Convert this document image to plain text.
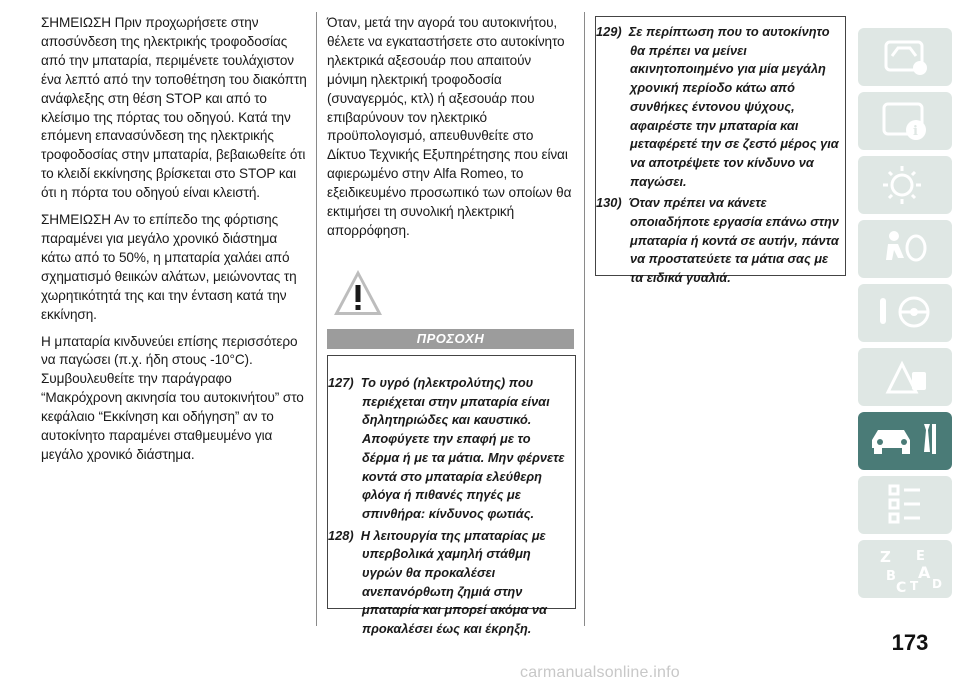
ΣΗΜΕΙΩΣΗ Πριν προχωρήσετε στην αποσύνδεση της ηλεκτρικής τροφοδοσίας από την μπαταρία, περιμένετε τουλάχιστον ένα λεπτό από την τοποθέτηση του διακόπτη ανάφλεξης στη θέση STOP και από το κλείσιμο της πόρτας του οδηγού. Κατά την επόμενη επανασύνδεση της ηλεκτρικής τροφοδοσίας στην μπαταρία, βεβαιωθείτε ότι το κλειδί εκκίνησης βρίσκεται στο STOP και ότι η πόρτα του οδηγού είναι κλειστή.

ΣΗΜΕΙΩΣΗ Αν το επίπεδο της φόρτισης παραμένει για μεγάλο χρονικό διάστημα κάτω από το 50%, η μπαταρία χαλάει από σχηματισμό θειικών αλάτων, μειώνοντας τη χωρητικότητά της και την ένταση κατά την εκκίνηση.

Η μπαταρία κινδυνεύει επίσης περισσότερο να παγώσει (π.χ. ήδη στους -10°C). Συμβουλευθείτε την παράγραφο “Μακρόχρονη ακινησία του αυτοκινήτου” στο κεφάλαιο “Εκκίνηση και οδήγηση” αν το αυτοκίνητο παραμένει σταθμευμένο για μεγάλο χρονικό διάστημα.

Όταν, μετά την αγορά του αυτοκινήτου, θέλετε να εγκαταστήσετε στο αυτοκίνητο ηλεκτρικά αξεσουάρ που απαιτούν μόνιμη ηλεκτρική τροφοδοσία (συναγερμός, κτλ) ή αξεσουάρ που επιβαρύνουν τον ηλεκτρικό προϋπολογισμό, απευθυνθείτε στο Δίκτυο Τεχνικής Εξυπηρέτησης που είναι αφιερωμένο στην Alfa Romeo, το εξειδικευμένο προσωπικό των οποίων θα εκτιμήσει τη συνολική ηλεκτρική απορρόφηση.

ΠΡΟΣΟΧΗ
127) Το υγρό (ηλεκτρολύτης) που περιέχεται στην μπαταρία είναι δηλητηριώδες και καυστικό. Αποφύγετε την επαφή με το δέρμα ή με τα μάτια. Μην φέρνετε κοντά στο μπαταρία ελεύθερη φλόγα ή πιθανές πηγές με σπινθήρα: κίνδυνος φωτιάς.
128) Η λειτουργία της μπαταρίας με υπερβολικά χαμηλή στάθμη υγρών θα προκαλέσει ανεπανόρθωτη ζημιά στην μπαταρία και μπορεί ακόμα να προκαλέσει έως και έκρηξη.
129) Σε περίπτωση που το αυτοκίνητο θα πρέπει να μείνει ακινητοποιημένο για μία μεγάλη χρονική περίοδο κάτω από συνθήκες έντονου ψύχους, αφαιρέστε την μπαταρία και μεταφέρετέ την σε ζεστό μέρος για να αποτρέψετε τον κίνδυνο να παγώσει.
130) Όταν πρέπει να κάνετε οποιαδήποτε εργασία επάνω στην μπαταρία ή κοντά σε αυτήν, πάντα να προστατεύετε τα μάτια σας με τα ειδικά γυαλιά.
i
Z E
A
B
C T D
173
carmanualsonline.info
